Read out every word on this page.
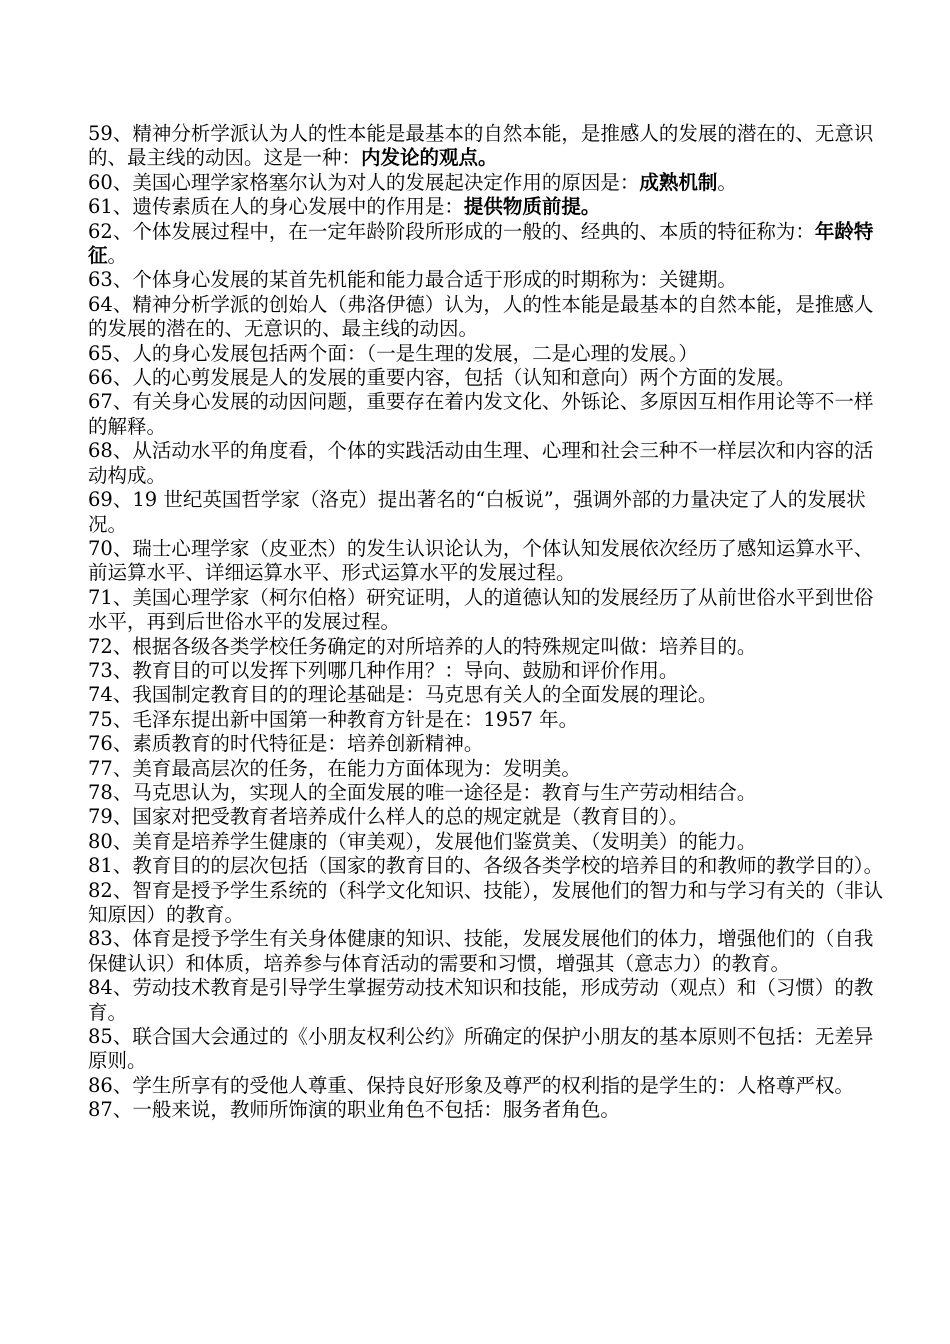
59、精神分析学派认为人的性本能是最基本的自然本能，是推感人的发展的潜在的、无意识的、最主线的动因。这是一种：内发论的观点。

60、美国心理学家格塞尔认为对人的发展起决定作用的原因是：成熟机制。

61、遗传素质在人的身心发展中的作用是：提供物质前提。

62、个体发展过程中，在一定年龄阶段所形成的一般的、经典的、本质的特征称为：年龄特征。

63、个体身心发展的某首先机能和能力最合适于形成的时期称为：关键期。

64、精神分析学派的创始人（弗洛伊德）认为，人的性本能是最基本的自然本能，是推感人的发展的潜在的、无意识的、最主线的动因。

65、人的身心发展包括两个面：（一是生理的发展，二是心理的发展。）

66、人的心剪发展是人的发展的重要内容，包括（认知和意向）两个方面的发展。

67、有关身心发展的动因问题，重要存在着内发文化、外铄论、多原因互相作用论等不一样的解释。

68、从活动水平的角度看，个体的实践活动由生理、心理和社会三种不一样层次和内容的活动构成。

69、19 世纪英国哲学家（洛克）提出著名的“白板说”，强调外部的力量决定了人的发展状况。

70、瑞士心理学家（皮亚杰）的发生认识论认为，个体认知发展依次经历了感知运算水平、前运算水平、详细运算水平、形式运算水平的发展过程。

71、美国心理学家（柯尔伯格）研究证明，人的道德认知的发展经历了从前世俗水平到世俗水平，再到后世俗水平的发展过程。

72、根据各级各类学校任务确定的对所培养的人的特殊规定叫做：培养目的。

73、教育目的可以发挥下列哪几种作用？：导向、鼓励和评价作用。

74、我国制定教育目的的理论基础是：马克思有关人的全面发展的理论。

75、毛泽东提出新中国第一种教育方针是在：1957 年。

76、素质教育的时代特征是：培养创新精神。

77、美育最高层次的任务，在能力方面体现为：发明美。

78、马克思认为，实现人的全面发展的唯一途径是：教育与生产劳动相结合。

79、国家对把受教育者培养成什么样人的总的规定就是（教育目的）。

80、美育是培养学生健康的（审美观），发展他们鉴赏美、（发明美）的能力。

81、教育目的的层次包括（国家的教育目的、各级各类学校的培养目的和教师的教学目的）。

82、智育是授予学生系统的（科学文化知识、技能），发展他们的智力和与学习有关的（非认知原因）的教育。

83、体育是授予学生有关身体健康的知识、技能，发展发展他们的体力，增强他们的（自我保健认识）和体质，培养参与体育活动的需要和习惯，增强其（意志力）的教育。

84、劳动技术教育是引导学生掌握劳动技术知识和技能，形成劳动（观点）和（习惯）的教育。

85、联合国大会通过的《小朋友权利公约》所确定的保护小朋友的基本原则不包括：无差异原则。

86、学生所享有的受他人尊重、保持良好形象及尊严的权利指的是学生的：人格尊严权。

87、一般来说，教师所饰演的职业角色不包括：服务者角色。
